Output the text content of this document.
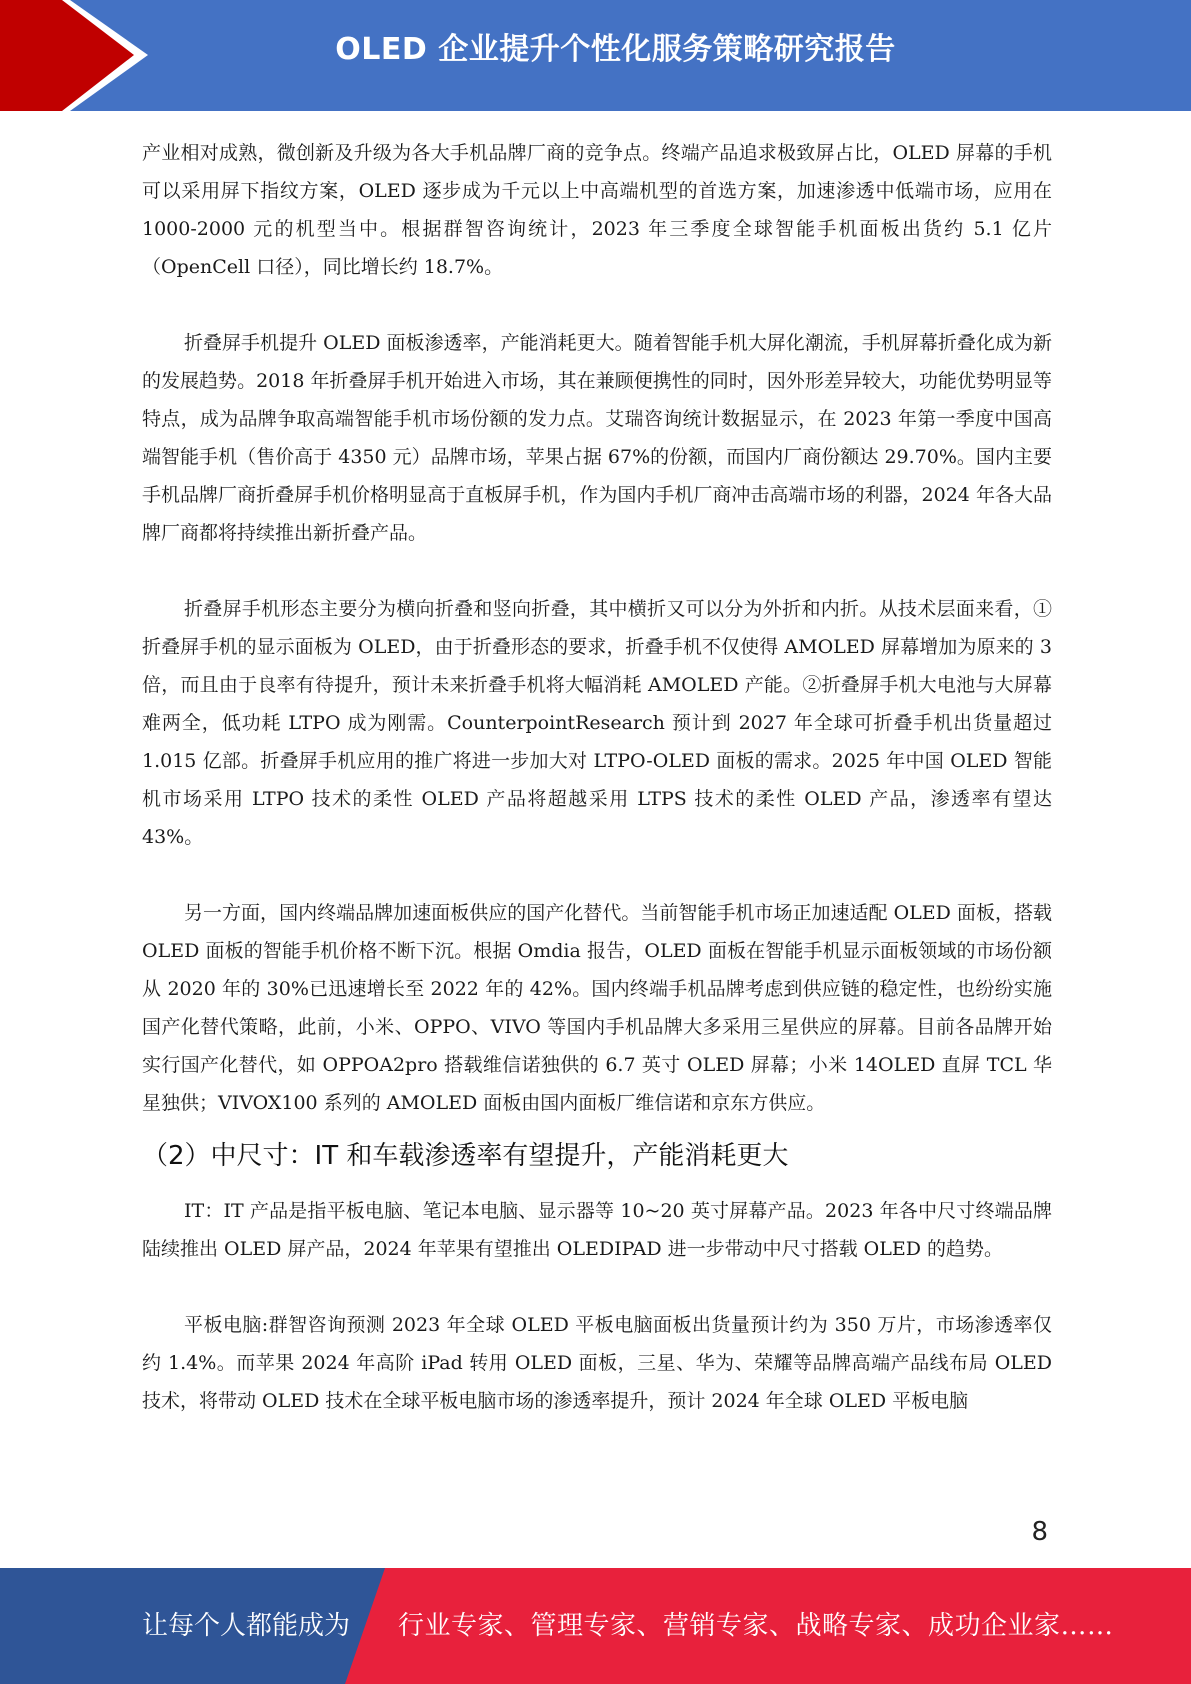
OLED 企业提升个性化服务策略研究报告

产业相对成熟，微创新及升级为各大手机品牌厂商的竞争点。终端产品追求极致屏占比，OLED 屏幕的手机可以采用屏下指纹方案，OLED 逐步成为千元以上中高端机型的首选方案，加速渗透中低端市场，应用在 1000-2000 元的机型当中。根据群智咨询统计，2023 年三季度全球智能手机面板出货约 5.1 亿片（OpenCell 口径），同比增长约 18.7%。

折叠屏手机提升 OLED 面板渗透率，产能消耗更大。随着智能手机大屏化潮流，手机屏幕折叠化成为新的发展趋势。2018 年折叠屏手机开始进入市场，其在兼顾便携性的同时，因外形差异较大，功能优势明显等特点，成为品牌争取高端智能手机市场份额的发力点。艾瑞咨询统计数据显示，在 2023 年第一季度中国高端智能手机（售价高于 4350 元）品牌市场，苹果占据 67%的份额，而国内厂商份额达 29.70%。国内主要手机品牌厂商折叠屏手机价格明显高于直板屏手机，作为国内手机厂商冲击高端市场的利器，2024 年各大品牌厂商都将持续推出新折叠产品。

折叠屏手机形态主要分为横向折叠和竖向折叠，其中横折又可以分为外折和内折。从技术层面来看，①折叠屏手机的显示面板为 OLED，由于折叠形态的要求，折叠手机不仅使得 AMOLED 屏幕增加为原来的 3 倍，而且由于良率有待提升，预计未来折叠手机将大幅消耗 AMOLED 产能。②折叠屏手机大电池与大屏幕难两全，低功耗 LTPO 成为刚需。CounterpointResearch 预计到 2027 年全球可折叠手机出货量超过 1.015 亿部。折叠屏手机应用的推广将进一步加大对 LTPO-OLED 面板的需求。2025 年中国 OLED 智能机市场采用 LTPO 技术的柔性 OLED 产品将超越采用 LTPS 技术的柔性 OLED 产品，渗透率有望达 43%。

另一方面，国内终端品牌加速面板供应的国产化替代。当前智能手机市场正加速适配 OLED 面板，搭载 OLED 面板的智能手机价格不断下沉。根据 Omdia 报告，OLED 面板在智能手机显示面板领域的市场份额从 2020 年的 30%已迅速增长至 2022 年的 42%。国内终端手机品牌考虑到供应链的稳定性，也纷纷实施国产化替代策略，此前，小米、OPPO、VIVO 等国内手机品牌大多采用三星供应的屏幕。目前各品牌开始实行国产化替代，如 OPPOA2pro 搭载维信诺独供的 6.7 英寸 OLED 屏幕；小米 14OLED 直屏 TCL 华星独供；VIVOX100 系列的 AMOLED 面板由国内面板厂维信诺和京东方供应。

（2）中尺寸：IT 和车载渗透率有望提升，产能消耗更大

IT：IT 产品是指平板电脑、笔记本电脑、显示器等 10~20 英寸屏幕产品。2023 年各中尺寸终端品牌陆续推出 OLED 屏产品，2024 年苹果有望推出 OLEDIPAD 进一步带动中尺寸搭载 OLED 的趋势。

平板电脑:群智咨询预测 2023 年全球 OLED 平板电脑面板出货量预计约为 350 万片，市场渗透率仅约 1.4%。而苹果 2024 年高阶 iPad 转用 OLED 面板，三星、华为、荣耀等品牌高端产品线布局 OLED 技术，将带动 OLED 技术在全球平板电脑市场的渗透率提升，预计 2024 年全球 OLED 平板电脑

8
让每个人都能成为 行业专家、管理专家、营销专家、战略专家、成功企业家……
